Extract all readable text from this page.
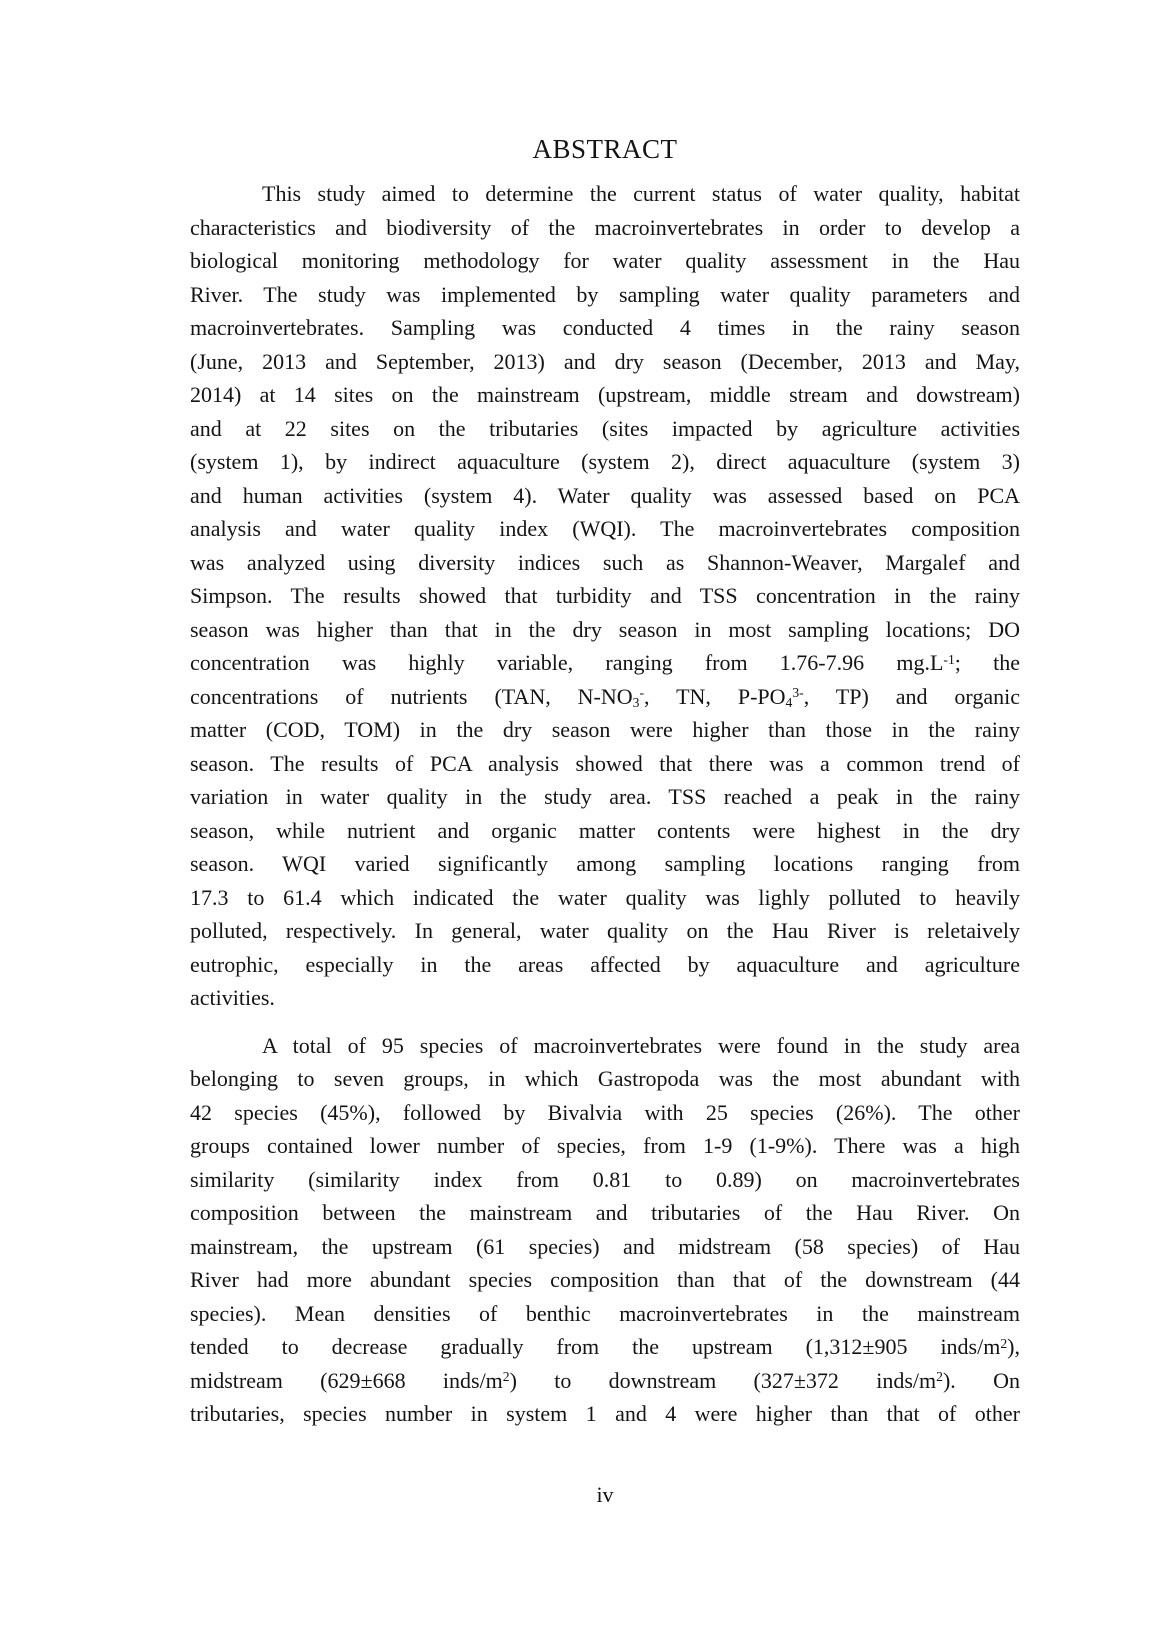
ABSTRACT
This study aimed to determine the current status of water quality, habitat
characteristics and biodiversity of the macroinvertebrates in order to develop a
biological monitoring methodology for water quality assessment in the Hau
River. The study was implemented by sampling water quality parameters and
macroinvertebrates. Sampling was conducted 4 times in the rainy season
(June, 2013 and September, 2013) and dry season (December, 2013 and May,
2014) at 14 sites on the mainstream (upstream, middle stream and dowstream)
and at 22 sites on the tributaries (sites impacted by agriculture activities
(system 1), by indirect aquaculture (system 2), direct aquaculture (system 3)
and human activities (system 4). Water quality was assessed based on PCA
analysis and water quality index (WQI). The macroinvertebrates composition
was analyzed using diversity indices such as Shannon-Weaver, Margalef and
Simpson. The results showed that turbidity and TSS concentration in the rainy
season was higher than that in the dry season in most sampling locations; DO
concentration was highly variable, ranging from 1.76-7.96 $mg.L^{-1}$; the
concentrations of nutrients (TAN, $N-NO_3^-$, TN, $P-PO_4^{3-}$, TP) and organic
matter (COD, TOM) in the dry season were higher than those in the rainy
season. The results of PCA analysis showed that there was a common trend of
variation in water quality in the study area. TSS reached a peak in the rainy
season, while nutrient and organic matter contents were highest in the dry
season. WQI varied significantly among sampling locations ranging from
17.3 to 61.4 which indicated the water quality was lighly polluted to heavily
polluted, respectively. In general, water quality on the Hau River is reletaively
eutrophic, especially in the areas affected by aquaculture and agriculture
activities.
A total of 95 species of macroinvertebrates were found in the study area
belonging to seven groups, in which Gastropoda was the most abundant with
42 species (45%), followed by Bivalvia with 25 species (26%). The other
groups contained lower number of species, from 1-9 (1-9%). There was a high
similarity (similarity index from 0.81 to 0.89) on macroinvertebrates
composition between the mainstream and tributaries of the Hau River. On
mainstream, the upstream (61 species) and midstream (58 species) of Hau
River had more abundant species composition than that of the downstream (44
species). Mean densities of benthic macroinvertebrates in the mainstream
tended to decrease gradually from the upstream (1,312±905 inds/$m^2$),
midstream (629±668 inds/$m^2$) to downstream (327±372 inds/$m^2$). On
tributaries, species number in system 1 and 4 were higher than that of other
iv
